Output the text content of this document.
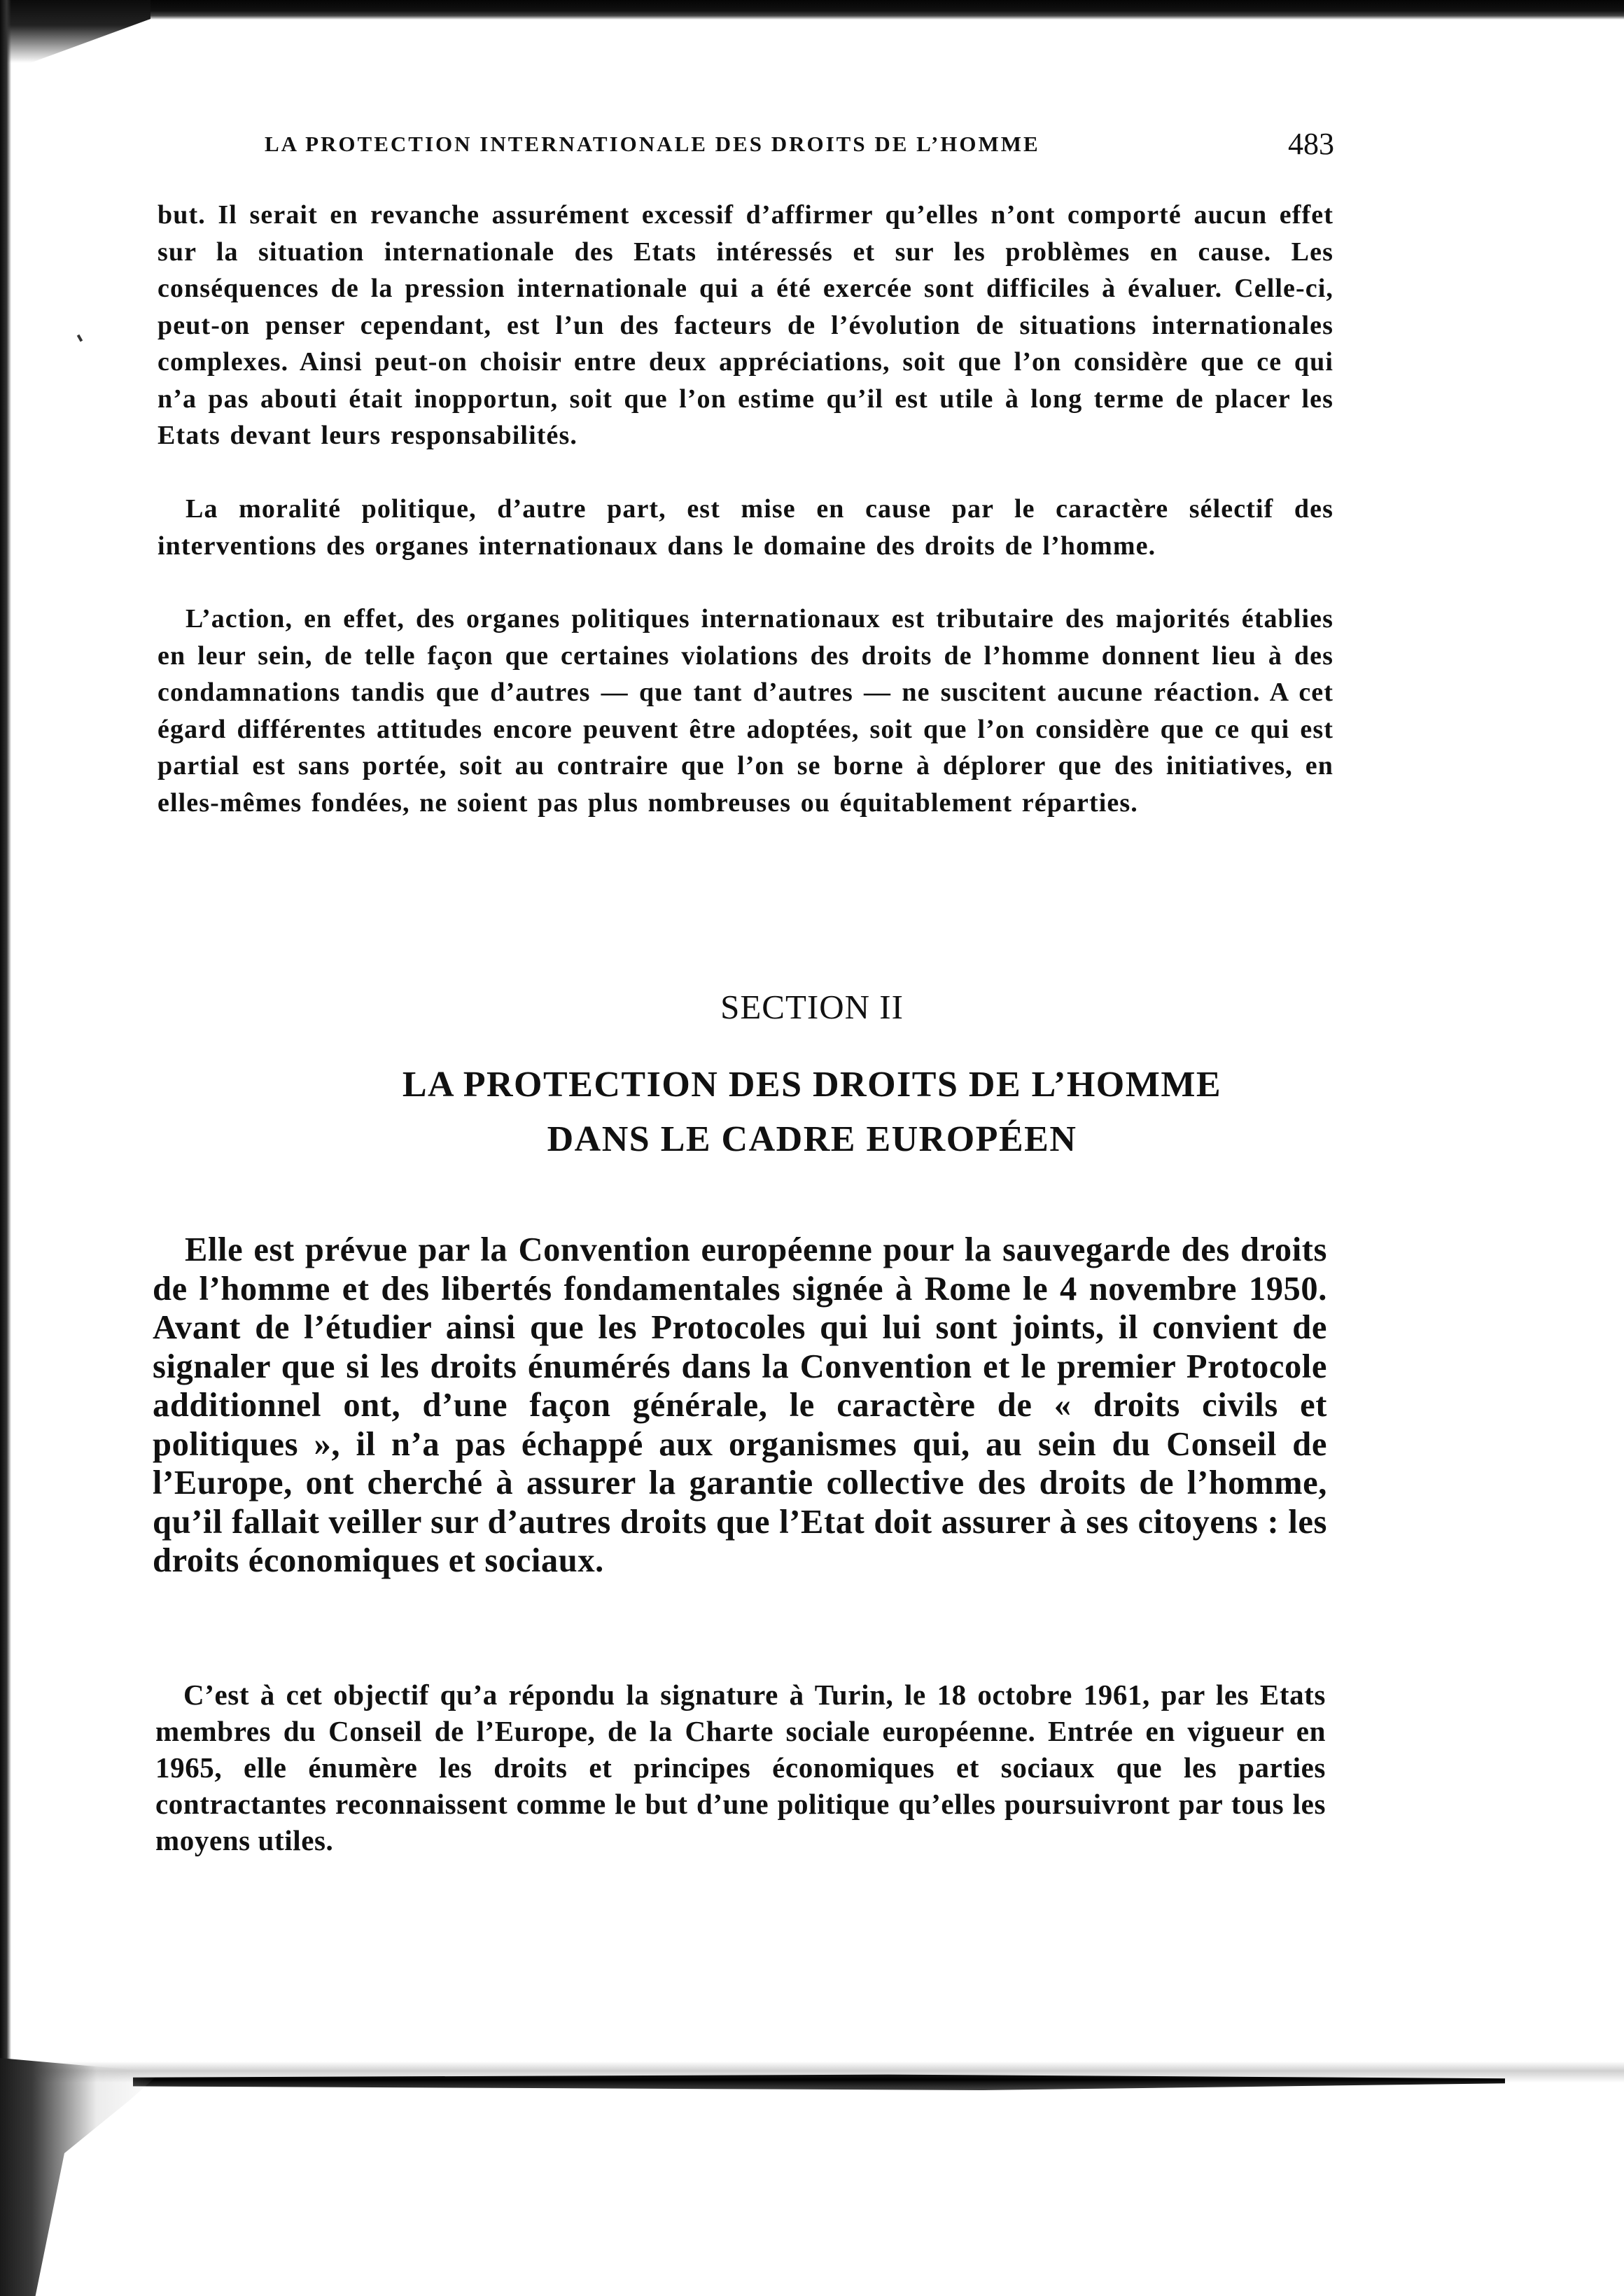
LA PROTECTION INTERNATIONALE DES DROITS DE L’HOMME	483

but. Il serait en revanche assurément excessif d’affirmer qu’elles n’ont comporté aucun effet sur la situation internationale des Etats intéressés et sur les problèmes en cause. Les conséquences de la pression internationale qui a été exercée sont difficiles à évaluer. Celle-ci, peut-on penser cependant, est l’un des facteurs de l’évolution de situations internationales complexes. Ainsi peut-on choisir entre deux appréciations, soit que l’on considère que ce qui n’a pas abouti était inopportun, soit que l’on estime qu’il est utile à long terme de placer les Etats devant leurs responsabilités.

La moralité politique, d’autre part, est mise en cause par le caractère sélectif des interventions des organes internationaux dans le domaine des droits de l’homme.

L’action, en effet, des organes politiques internationaux est tributaire des majorités établies en leur sein, de telle façon que certaines violations des droits de l’homme donnent lieu à des condamnations tandis que d’autres — que tant d’autres — ne suscitent aucune réaction. A cet égard différentes attitudes encore peuvent être adoptées, soit que l’on considère que ce qui est partial est sans portée, soit au contraire que l’on se borne à déplorer que des initiatives, en elles-mêmes fondées, ne soient pas plus nombreuses ou équitablement réparties.

SECTION II
LA PROTECTION DES DROITS DE L’HOMME
DANS LE CADRE EUROPÉEN

Elle est prévue par la Convention européenne pour la sauvegarde des droits de l’homme et des libertés fondamentales signée à Rome le 4 novembre 1950. Avant de l’étudier ainsi que les Protocoles qui lui sont joints, il convient de signaler que si les droits énumérés dans la Convention et le premier Protocole additionnel ont, d’une façon générale, le caractère de « droits civils et politiques », il n’a pas échappé aux organismes qui, au sein du Conseil de l’Europe, ont cherché à assurer la garantie collective des droits de l’homme, qu’il fallait veiller sur d’autres droits que l’Etat doit assurer à ses citoyens : les droits économiques et sociaux.

C’est à cet objectif qu’a répondu la signature à Turin, le 18 octobre 1961, par les Etats membres du Conseil de l’Europe, de la Charte sociale européenne. Entrée en vigueur en 1965, elle énumère les droits et principes économiques et sociaux que les parties contractantes reconnaissent comme le but d’une politique qu’elles poursuivront par tous les moyens utiles.
